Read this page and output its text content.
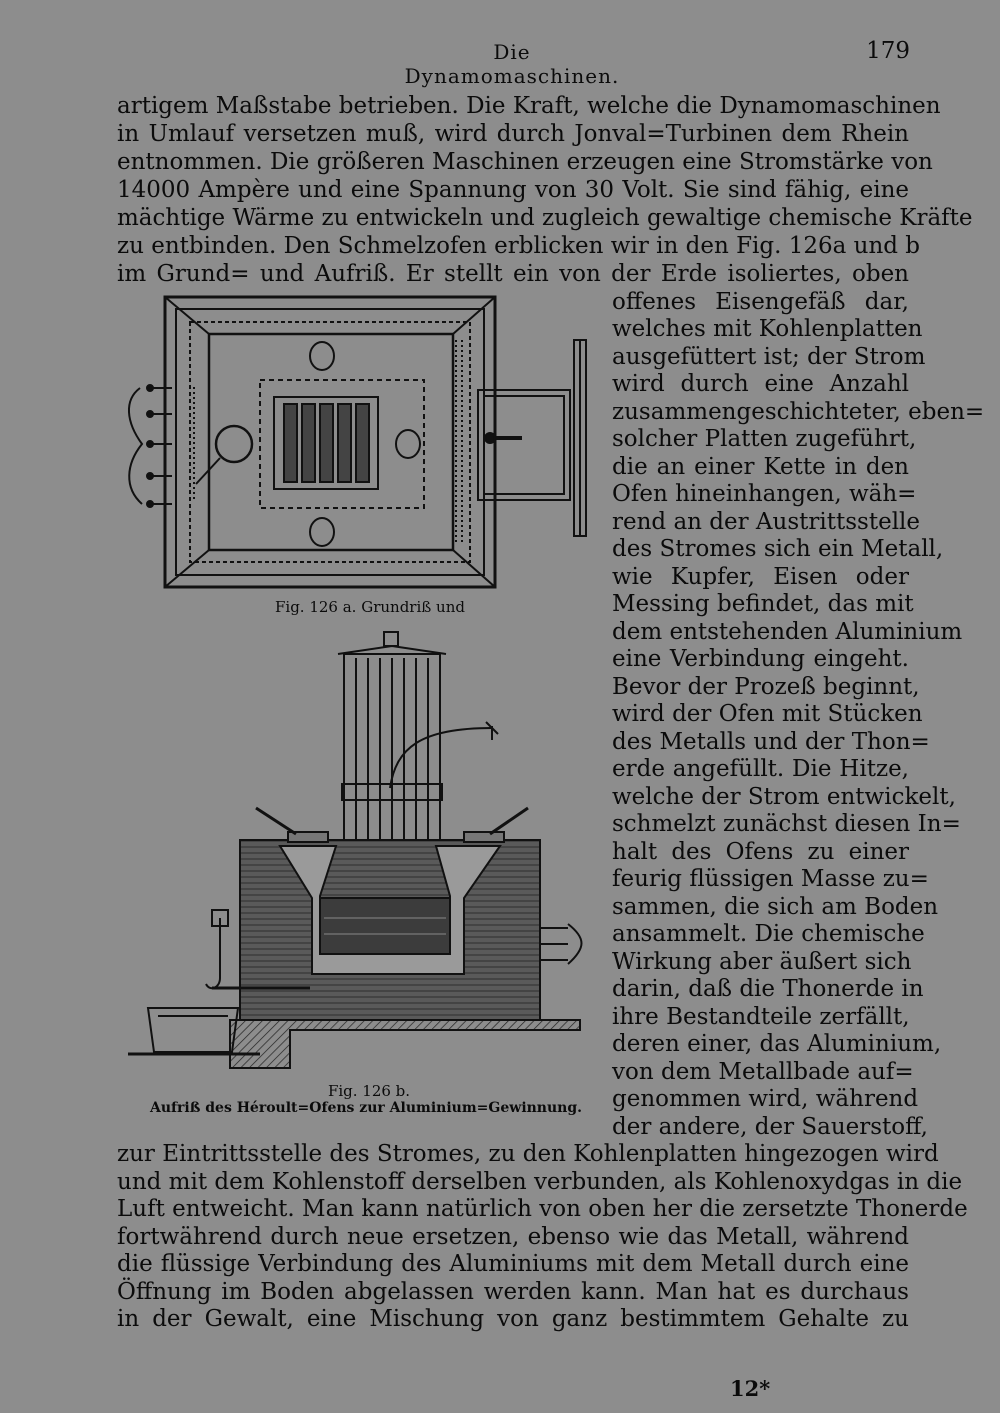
Die Dynamomaschinen.
179
artigem Maßstabe betrieben. Die Kraft, welche die Dynamomaschinen
in Umlauf versetzen muß, wird durch Jonval=Turbinen dem Rhein
entnommen. Die größeren Maschinen erzeugen eine Stromstärke von
14000 Ampère und eine Spannung von 30 Volt. Sie sind fähig, eine
mächtige Wärme zu entwickeln und zugleich gewaltige chemische Kräfte
zu entbinden. Den Schmelzofen erblicken wir in den Fig. 126a und b
im Grund= und Aufriß. Er stellt ein von der Erde isoliertes, oben
offenes Eisengefäß dar,
welches mit Kohlenplatten
ausgefüttert ist; der Strom
wird durch eine Anzahl
zusammengeschichteter, eben=
solcher Platten zugeführt,
die an einer Kette in den
Ofen hineinhangen, wäh=
rend an der Austrittsstelle
des Stromes sich ein Metall,
wie Kupfer, Eisen oder
Messing befindet, das mit
dem entstehenden Aluminium
eine Verbindung eingeht.
Bevor der Prozeß beginnt,
wird der Ofen mit Stücken
des Metalls und der Thon=
erde angefüllt. Die Hitze,
welche der Strom entwickelt,
schmelzt zunächst diesen In=
halt des Ofens zu einer
feurig flüssigen Masse zu=
sammen, die sich am Boden
ansammelt. Die chemische
Wirkung aber äußert sich
darin, daß die Thonerde in
ihre Bestandteile zerfällt,
deren einer, das Aluminium,
von dem Metallbade auf=
genommen wird, während
der andere, der Sauerstoff,
zur Eintrittsstelle des Stromes, zu den Kohlenplatten hingezogen wird
und mit dem Kohlenstoff derselben verbunden, als Kohlenoxydgas in die
Luft entweicht. Man kann natürlich von oben her die zersetzte Thonerde
fortwährend durch neue ersetzen, ebenso wie das Metall, während
die flüssige Verbindung des Aluminiums mit dem Metall durch eine
Öffnung im Boden abgelassen werden kann. Man hat es durchaus
in der Gewalt, eine Mischung von ganz bestimmtem Gehalte zu
Fig. 126 a. Grundriß und
Fig. 126 b.
Aufriß des Héroult=Ofens zur Aluminium=Gewinnung.
12*
